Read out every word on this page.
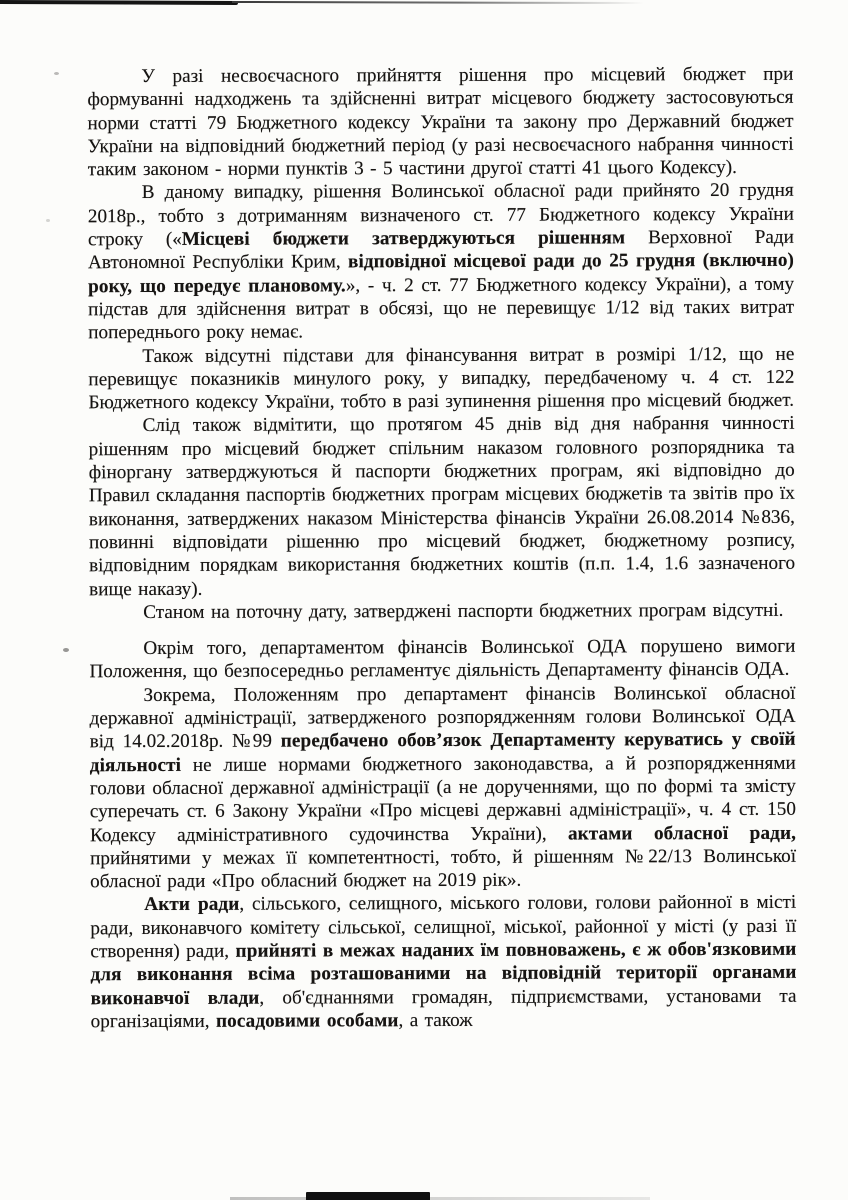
У разі несвоєчасного прийняття рішення про місцевий бюджет при формуванні надходжень та здійсненні витрат місцевого бюджету застосовуються норми статті 79 Бюджетного кодексу України та закону про Державний бюджет України на відповідний бюджетний період (у разі несвоєчасного набрання чинності таким законом - норми пунктів 3 - 5 частини другої статті 41 цього Кодексу).

В даному випадку, рішення Волинської обласної ради прийнято 20 грудня 2018р., тобто з дотриманням визначеного ст. 77 Бюджетного кодексу України строку («Місцеві бюджети затверджуються рішенням Верховної Ради Автономної Республіки Крим, відповідної місцевої ради до 25 грудня (включно) року, що передує плановому.», - ч. 2 ст. 77 Бюджетного кодексу України), а тому підстав для здійснення витрат в обсязі, що не перевищує 1/12 від таких витрат попереднього року немає.

Також відсутні підстави для фінансування витрат в розмірі 1/12, що не перевищує показників минулого року, у випадку, передбаченому ч. 4 ст. 122 Бюджетного кодексу України, тобто в разі зупинення рішення про місцевий бюджет.

Слід також відмітити, що протягом 45 днів від дня набрання чинності рішенням про місцевий бюджет спільним наказом головного розпорядника та фіноргану затверджуються й паспорти бюджетних програм, які відповідно до Правил складання паспортів бюджетних програм місцевих бюджетів та звітів про їх виконання, затверджених наказом Міністерства фінансів України 26.08.2014 №836, повинні відповідати рішенню про місцевий бюджет, бюджетному розпису, відповідним порядкам використання бюджетних коштів (п.п. 1.4, 1.6 зазначеного вище наказу).

Станом на поточну дату, затверджені паспорти бюджетних програм відсутні.

Окрім того, департаментом фінансів Волинської ОДА порушено вимоги Положення, що безпосередньо регламентує діяльність Департаменту фінансів ОДА.

Зокрема, Положенням про департамент фінансів Волинської обласної державної адміністрації, затвердженого розпорядженням голови Волинської ОДА від 14.02.2018р. №99 передбачено обов’язок Департаменту керуватись у своїй діяльності не лише нормами бюджетного законодавства, а й розпорядженнями голови обласної державної адміністрації (а не дорученнями, що по формі та змісту суперечать ст. 6 Закону України «Про місцеві державні адміністрації», ч. 4 ст. 150 Кодексу адміністративного судочинства України), актами обласної ради, прийнятими у межах її компетентності, тобто, й рішенням №22/13 Волинської обласної ради «Про обласний бюджет на 2019 рік».

Акти ради, сільського, селищного, міського голови, голови районної в місті ради, виконавчого комітету сільської, селищної, міської, районної у місті (у разі її створення) ради, прийняті в межах наданих їм повноважень, є ж обов'язковими для виконання всіма розташованими на відповідній території органами виконавчої влади, об'єднаннями громадян, підприємствами, установами та організаціями, посадовими особами, а також
